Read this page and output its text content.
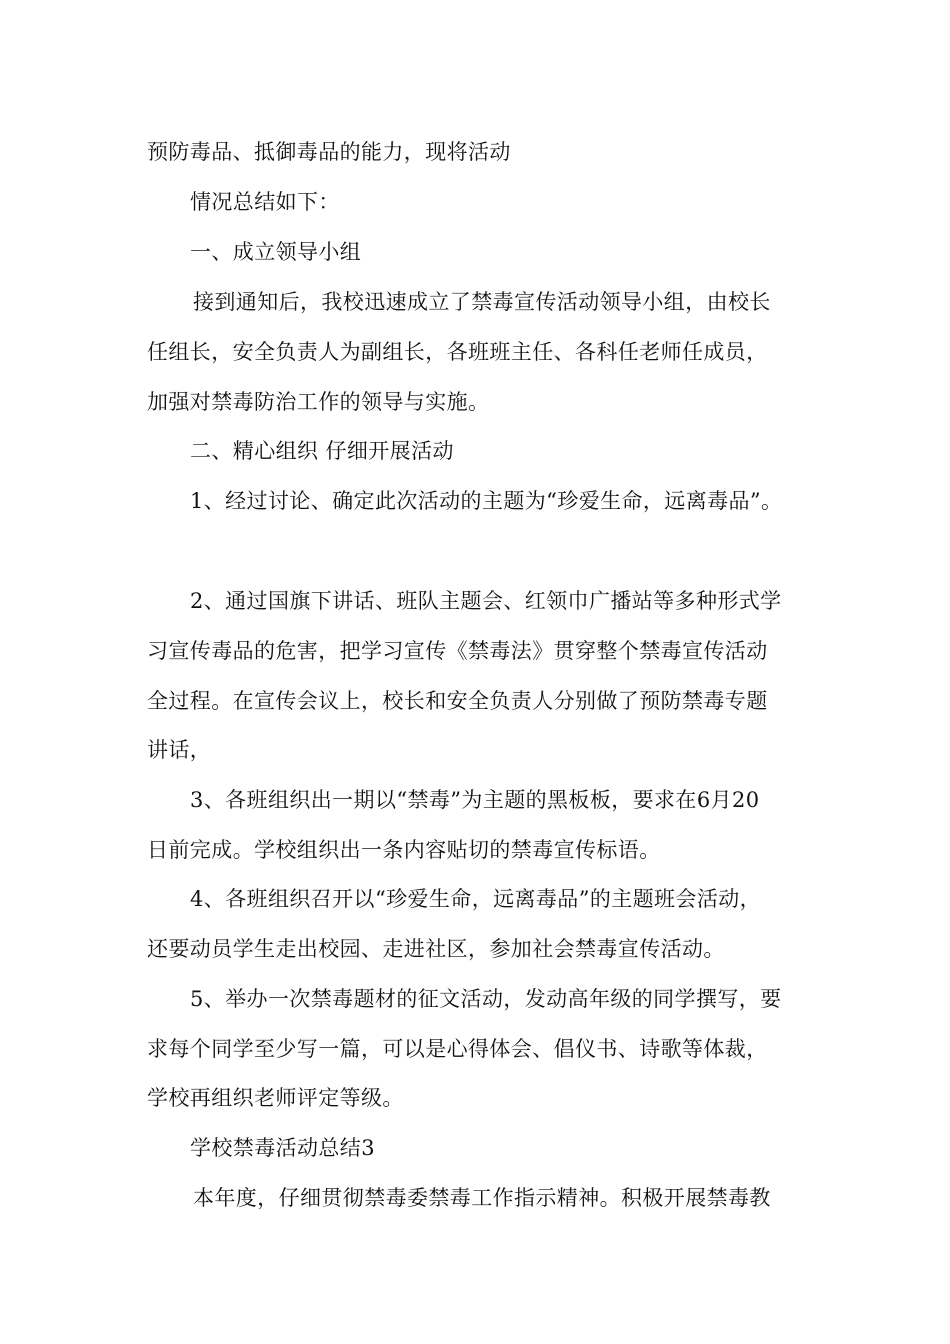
预防毒品、抵御毒品的能力，现将活动
情况总结如下：
一、成立领导小组
接到通知后，我校迅速成立了禁毒宣传活动领导小组，由校长
任组长，安全负责人为副组长，各班班主任、各科任老师任成员，
加强对禁毒防治工作的领导与实施。
二、精心组织 仔细开展活动
1、经过讨论、确定此次活动的主题为“珍爱生命，远离毒品”。
2、通过国旗下讲话、班队主题会、红领巾广播站等多种形式学
习宣传毒品的危害，把学习宣传《禁毒法》贯穿整个禁毒宣传活动
全过程。在宣传会议上，校长和安全负责人分别做了预防禁毒专题
讲话，
3、各班组织出一期以“禁毒”为主题的黑板板，要求在6月20
日前完成。学校组织出一条内容贴切的禁毒宣传标语。
4、各班组织召开以“珍爱生命，远离毒品”的主题班会活动，
还要动员学生走出校园、走进社区，参加社会禁毒宣传活动。
5、举办一次禁毒题材的征文活动，发动高年级的同学撰写，要
求每个同学至少写一篇，可以是心得体会、倡仪书、诗歌等体裁，
学校再组织老师评定等级。
学校禁毒活动总结3
本年度，仔细贯彻禁毒委禁毒工作指示精神。积极开展禁毒教
